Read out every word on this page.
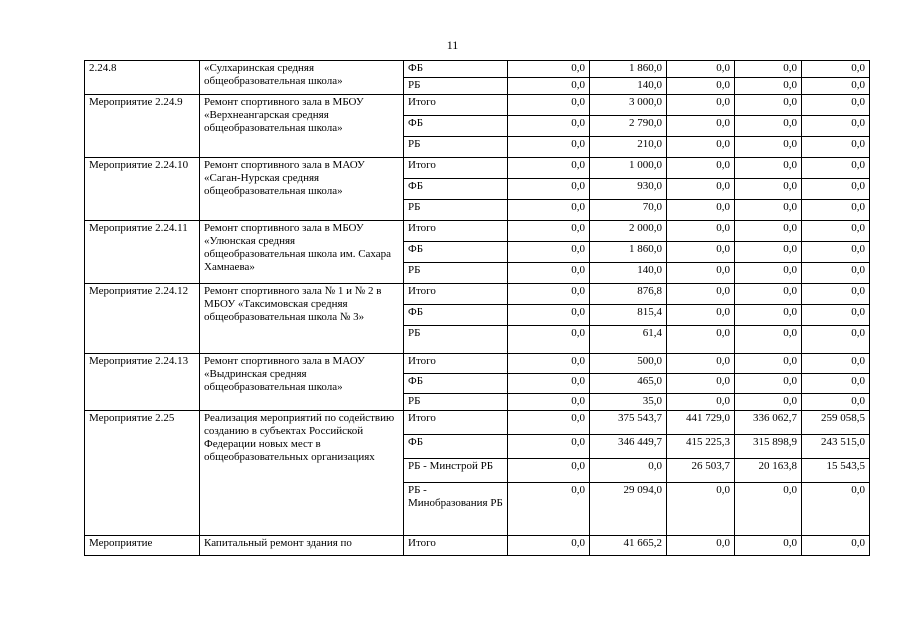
11
2.24.8	«Сулхаринская средняя общеобразовательная школа»	ФБ	0,0	1 860,0	0,0	0,0	0,0
		РБ	0,0	140,0	0,0	0,0	0,0
Мероприятие 2.24.9	Ремонт спортивного зала в МБОУ «Верхнеангарская средняя общеобразовательная школа»	Итого	0,0	3 000,0	0,0	0,0	0,0
		ФБ	0,0	2 790,0	0,0	0,0	0,0
		РБ	0,0	210,0	0,0	0,0	0,0
Мероприятие 2.24.10	Ремонт спортивного зала в МАОУ «Саган-Нурская средняя общеобразовательная школа»	Итого	0,0	1 000,0	0,0	0,0	0,0
		ФБ	0,0	930,0	0,0	0,0	0,0
		РБ	0,0	70,0	0,0	0,0	0,0
Мероприятие 2.24.11	Ремонт спортивного зала в МБОУ «Улюнская средняя общеобразовательная школа им. Сахара Хамнаева»	Итого	0,0	2 000,0	0,0	0,0	0,0
		ФБ	0,0	1 860,0	0,0	0,0	0,0
		РБ	0,0	140,0	0,0	0,0	0,0
Мероприятие 2.24.12	Ремонт спортивного зала № 1 и № 2 в МБОУ «Таксимовская средняя общеобразовательная школа № 3»	Итого	0,0	876,8	0,0	0,0	0,0
		ФБ	0,0	815,4	0,0	0,0	0,0
		РБ	0,0	61,4	0,0	0,0	0,0
Мероприятие 2.24.13	Ремонт спортивного зала в МАОУ «Выдринская средняя общеобразовательная школа»	Итого	0,0	500,0	0,0	0,0	0,0
		ФБ	0,0	465,0	0,0	0,0	0,0
		РБ	0,0	35,0	0,0	0,0	0,0
Мероприятие 2.25	Реализация мероприятий по содействию созданию в субъектах Российской Федерации новых мест в общеобразовательных организациях	Итого	0,0	375 543,7	441 729,0	336 062,7	259 058,5
		ФБ	0,0	346 449,7	415 225,3	315 898,9	243 515,0
		РБ - Минстрой РБ	0,0	0,0	26 503,7	20 163,8	15 543,5
		РБ - Минобразования РБ	0,0	29 094,0	0,0	0,0	0,0
Мероприятие	Капитальный ремонт здания по	Итого	0,0	41 665,2	0,0	0,0	0,0
